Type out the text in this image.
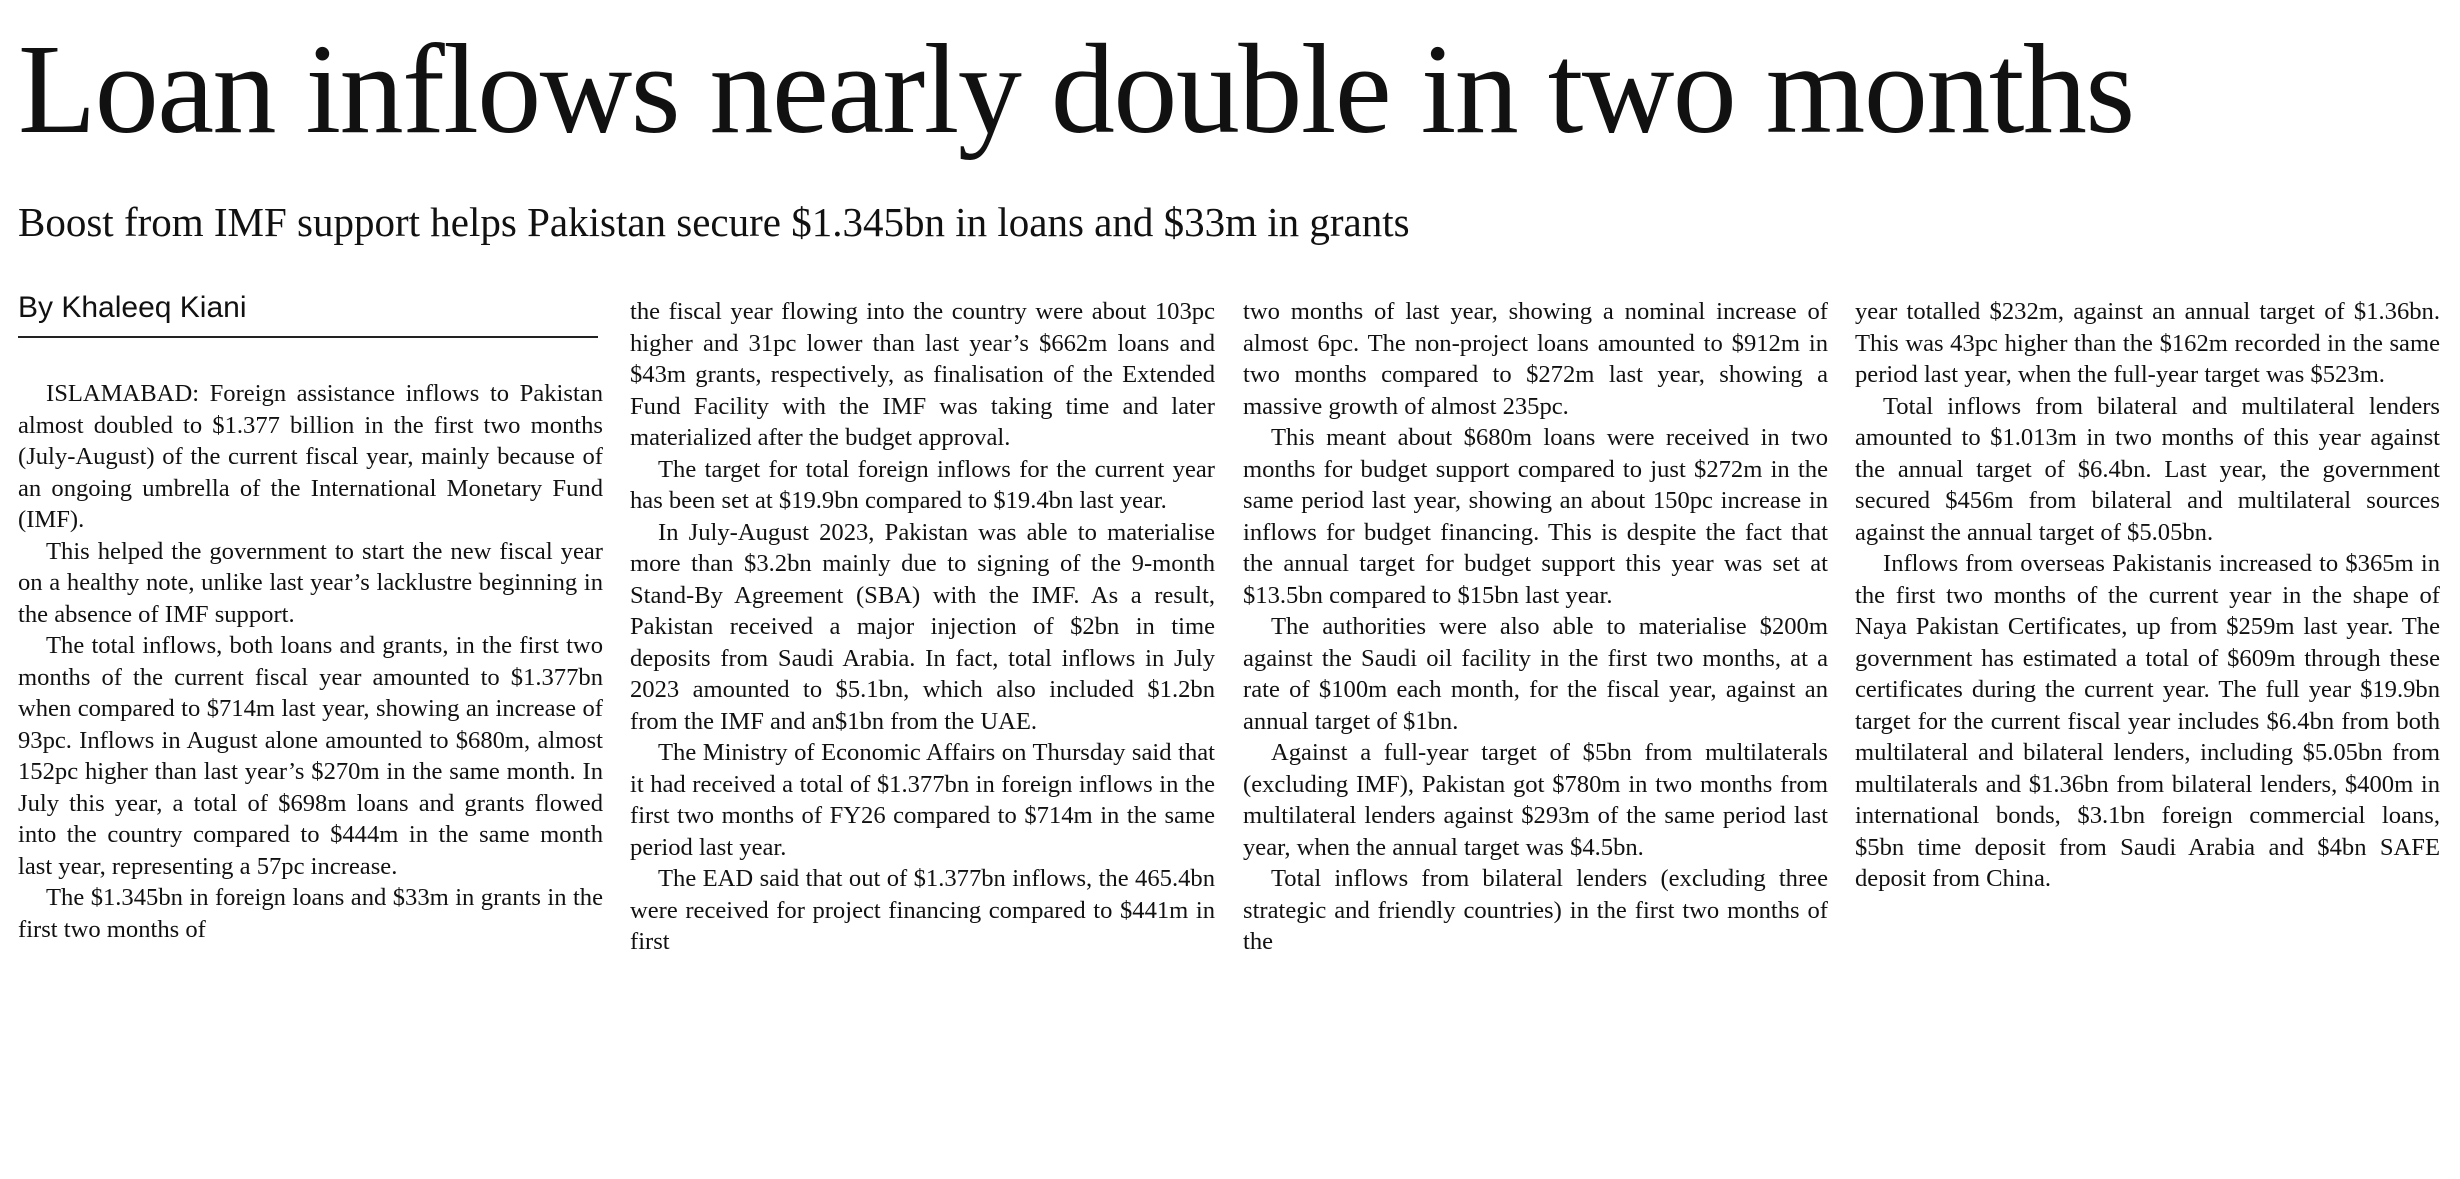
Loan inflows nearly double in two months
Boost from IMF support helps Pakistan secure $1.345bn in loans and $33m in grants
By Khaleeq Kiani

ISLAMABAD: Foreign assistance inflows to Pakistan almost doubled to $1.377 billion in the first two months (July-August) of the current fiscal year, mainly because of an ongoing umbrella of the International Monetary Fund (IMF).

This helped the government to start the new fiscal year on a healthy note, unlike last year’s lacklustre beginning in the absence of IMF support.

The total inflows, both loans and grants, in the first two months of the current fiscal year amounted to $1.377bn when compared to $714m last year, showing an increase of 93pc. Inflows in August alone amounted to $680m, almost 152pc higher than last year’s $270m in the same month. In July this year, a total of $698m loans and grants flowed into the country compared to $444m in the same month last year, representing a 57pc increase.

The $1.345bn in foreign loans and $33m in grants in the first two months of

the fiscal year flowing into the country were about 103pc higher and 31pc lower than last year’s $662m loans and $43m grants, respectively, as finalisation of the Extended Fund Facility with the IMF was taking time and later materialized after the budget approval.

The target for total foreign inflows for the current year has been set at $19.9bn compared to $19.4bn last year.

In July-August 2023, Pakistan was able to materialise more than $3.2bn mainly due to signing of the 9-month Stand-By Agreement (SBA) with the IMF. As a result, Pakistan received a major injection of $2bn in time deposits from Saudi Arabia. In fact, total inflows in July 2023 amounted to $5.1bn, which also included $1.2bn from the IMF and an$1bn from the UAE.

The Ministry of Economic Affairs on Thursday said that it had received a total of $1.377bn in foreign inflows in the first two months of FY26 compared to $714m in the same period last year.

The EAD said that out of $1.377bn inflows, the 465.4bn were received for project financing compared to $441m in first

two months of last year, showing a nominal increase of almost 6pc. The non-project loans amounted to $912m in two months compared to $272m last year, showing a massive growth of almost 235pc.

This meant about $680m loans were received in two months for budget support compared to just $272m in the same period last year, showing an about 150pc increase in inflows for budget financing. This is despite the fact that the annual target for budget support this year was set at $13.5bn compared to $15bn last year.

The authorities were also able to materialise $200m against the Saudi oil facility in the first two months, at a rate of $100m each month, for the fiscal year, against an annual target of $1bn.

Against a full-year target of $5bn from multilaterals (excluding IMF), Pakistan got $780m in two months from multilateral lenders against $293m of the same period last year, when the annual target was $4.5bn.

Total inflows from bilateral lenders (excluding three strategic and friendly countries) in the first two months of the

year totalled $232m, against an annual target of $1.36bn. This was 43pc higher than the $162m recorded in the same period last year, when the full-year target was $523m.

Total inflows from bilateral and multilateral lenders amounted to $1.013m in two months of this year against the annual target of $6.4bn. Last year, the government secured $456m from bilateral and multilateral sources against the annual target of $5.05bn.

Inflows from overseas Pakistanis increased to $365m in the first two months of the current year in the shape of Naya Pakistan Certificates, up from $259m last year. The government has estimated a total of $609m through these certificates during the current year. The full year $19.9bn target for the current fiscal year includes $6.4bn from both multilateral and bilateral lenders, including $5.05bn from multilaterals and $1.36bn from bilateral lenders, $400m in international bonds, $3.1bn foreign commercial loans, $5bn time deposit from Saudi Arabia and $4bn SAFE deposit from China.
